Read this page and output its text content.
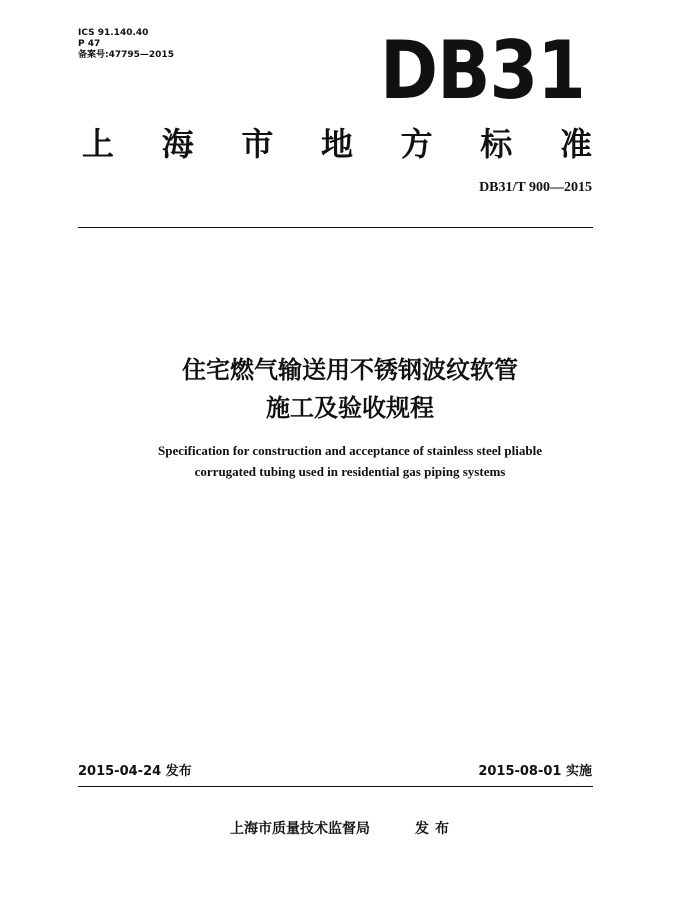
ICS 91.140.40
P 47
备案号:47795—2015	DB31
上 海 市 地 方 标 准
DB31/T 900—2015
住宅燃气输送用不锈钢波纹软管
施工及验收规程
Specification for construction and acceptance of stainless steel pliable
corrugated tubing used in residential gas piping systems
2015-04-24 发布	2015-08-01 实施
上海市质量技术监督局	发布
